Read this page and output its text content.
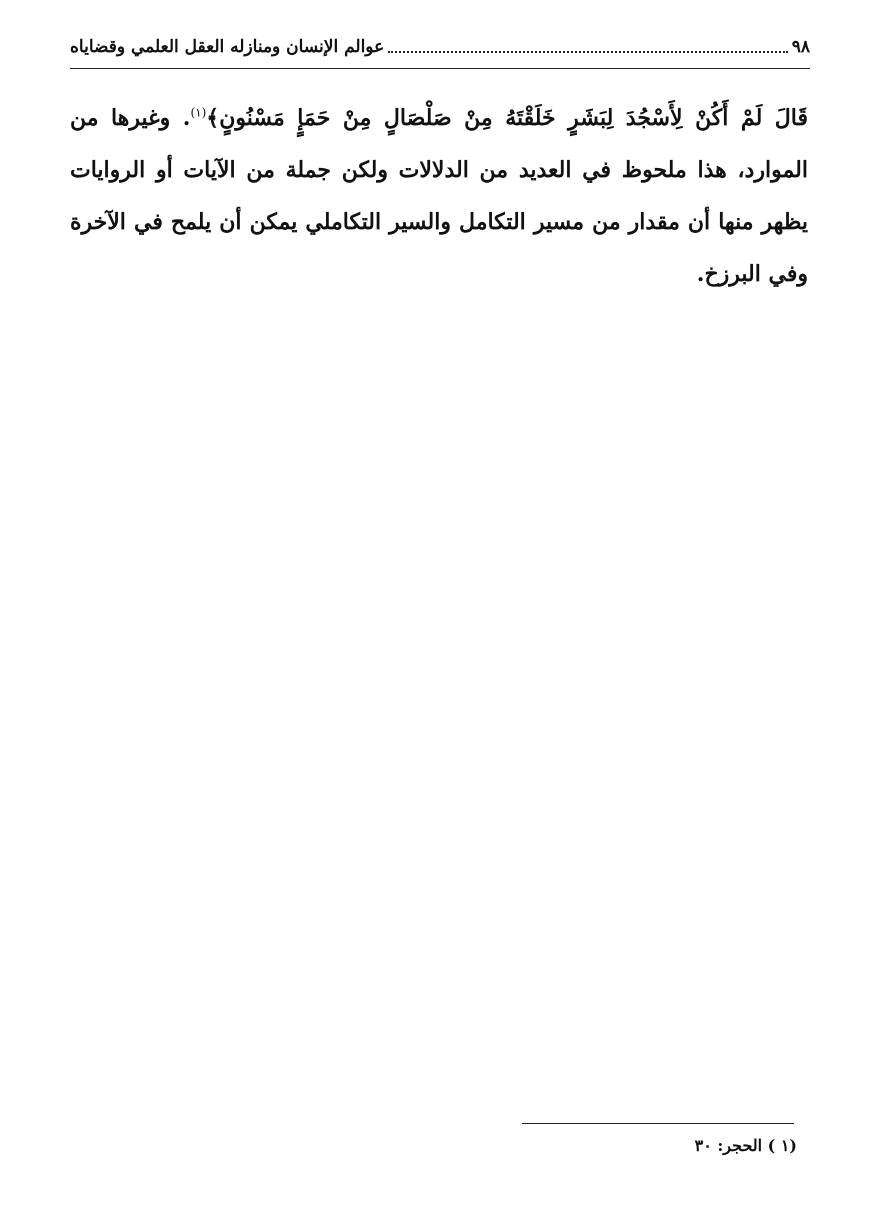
٩٨
عوالم الإنسان ومنازله العقل العلمي وقضاياه
قَالَ لَمْ أَكُنْ لِأَسْجُدَ لِبَشَرٍ خَلَقْتَهُ مِنْ صَلْصَالٍ مِنْ حَمَإٍ مَسْنُونٍ﴾$^{(١)}$. وغيرها من الموارد، هذا ملحوظ في العديد من الدلالات ولكن جملة من الآيات أو الروايات يظهر منها أن مقدار من مسير التكامل والسير التكاملي يمكن أن يلمح في الآخرة وفي البرزخ.
(١ ) الحجر: ٣٠
